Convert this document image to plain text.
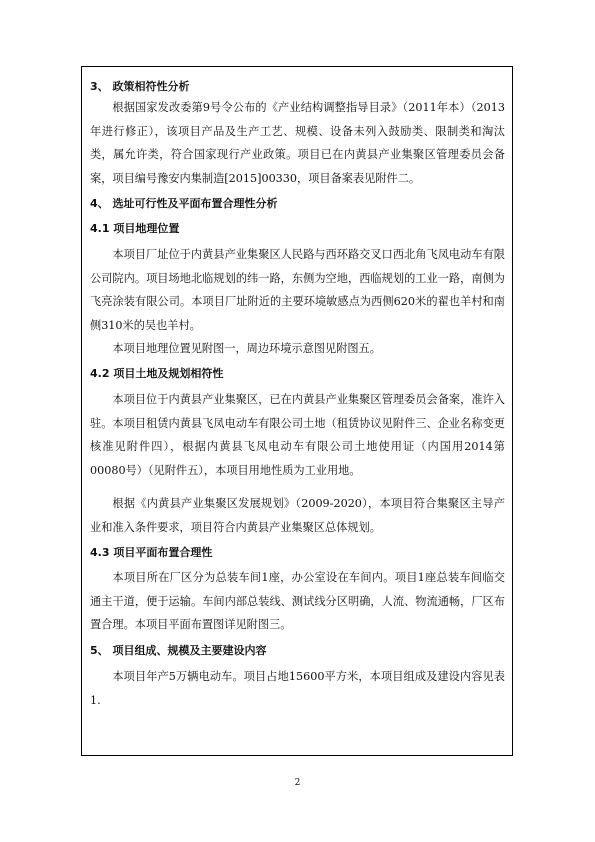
3、 政策相符性分析
根据国家发改委第9号令公布的《产业结构调整指导目录》（2011年本）（2013年进行修正），该项目产品及生产工艺、规模、设备未列入鼓励类、限制类和淘汰类，属允许类，符合国家现行产业政策。项目已在内黄县产业集聚区管理委员会备案，项目编号豫安内集制造[2015]00330，项目备案表见附件二。
4、 选址可行性及平面布置合理性分析
4.1 项目地理位置
本项目厂址位于内黄县产业集聚区人民路与西环路交叉口西北角飞凤电动车有限公司院内。项目场地北临规划的纬一路，东侧为空地，西临规划的工业一路，南侧为飞亮涂装有限公司。本项目厂址附近的主要环境敏感点为西侧620米的翟也羊村和南侧310米的吴也羊村。
本项目地理位置见附图一，周边环境示意图见附图五。
4.2 项目土地及规划相符性
本项目位于内黄县产业集聚区，已在内黄县产业集聚区管理委员会备案，准许入驻。本项目租赁内黄县飞凤电动车有限公司土地（租赁协议见附件三、企业名称变更核准见附件四），根据内黄县飞凤电动车有限公司土地使用证（内国用2014第00080号）（见附件五），本项目用地性质为工业用地。
根据《内黄县产业集聚区发展规划》（2009-2020），本项目符合集聚区主导产业和准入条件要求，项目符合内黄县产业集聚区总体规划。
4.3 项目平面布置合理性
本项目所在厂区分为总装车间1座，办公室设在车间内。项目1座总装车间临交通主干道，便于运输。车间内部总装线、测试线分区明确，人流、物流通畅，厂区布置合理。本项目平面布置图详见附图三。
5、 项目组成、规模及主要建设内容
本项目年产5万辆电动车。项目占地15600平方米，本项目组成及建设内容见表1.
2
